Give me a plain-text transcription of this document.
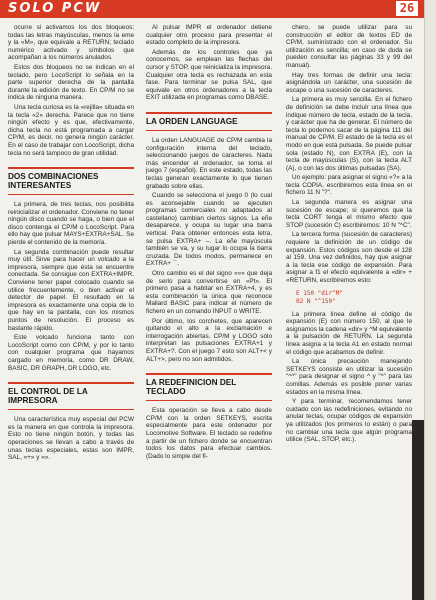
SOLO PCW	26

ocurre si activamos los dos bloqueos; todas las letras mayúsculas, menos la eme y la «M», que equivale a RETURN; teclado numérico activado y símbolos que acompañan a los números anulados.

Estos dos bloqueos no se indican en el teclado, pero LocoScript lo señala en la parte superior derecha de la pantalla durante la edición de texto. En CP/M no se indica de ninguna manera.

Una tecla curiosa es la «rejilla» situada en la tecla «2» derecha. Parece que no tiene ningún efecto y es que, efectivamente, dicha tecla no está programada a cargar CP/M, es decir, no genera ningún carácter. En el caso de trabajar con LocoScript, dicha tecla no será tampoco de gran utilidad.

DOS COMBINACIONES INTERESANTES

La primera, de tres teclas, nos posibilita reinicializar el ordenador. Conviene no tener ningún disco cuando se haga, o bien que el disco contenga el CP/M o LocoScript. Para ello hay que pulsar MAYS+EXTRA+SAL. Se pierde el contenido de la memoria.

La segunda combinación puede resultar muy útil. Sirve para hacer un volcado a la impresora, siempre que ésta se encuentre conectada. Se consigue con EXTRA+IMPR. Conviene tener papel colocado cuando se utilice frecuentemente, o bien activar el detector de papel. El resultado en la impresora es exactamente una copia de lo que hay en la pantalla, con los mismos puntos de resolución. El proceso es bastante rápido.

Este volcado funciona tanto con LocoScript como con CP/M, y por lo tanto con cualquier programa que hayamos cargado en memoria, como DR DRAW, BASIC, DR GRAPH, DR LOGO, etc.

EL CONTROL DE LA IMPRESORA

Una característica muy especial del PCW es la manera en que controla la impresora. Esto no tiene ningún botón, y todas las operaciones se llevan a cabo a través de unas teclas especiales, estas son IMPR, SAL, «+» y «».

Al pulsar IMPR el ordenador detiene cualquier otro proceso para presentar el estado completo de la impresora.

Además de los controles que ya conocemos, se emplean las flechas del cursor y STOP, que reinicializa la impresora. Cualquier otra tecla es rechazada en esta fase. Para terminar se pulsa SAL, que equivale en otros ordenadores a la tecla EXIT utilizada en programas como DBASE.

LA ORDEN LANGUAGE

La orden LANGUAGE de CP/M cambia la configuración interna del teclado, seleccionando juegos de caracteres. Nada más encender el ordenador, se toma el juego 7 (español). En este estado, todas las teclas generan exactamente lo que tienen grabado sobre ellas.

Cuando se selecciona el juego 0 (lo cual es aconsejable cuando se ejecuten programas comerciales no adaptados al castellano) cambian ciertos signos. La eñe desaparece, y ocupa su lugar una barra vertical. Para obtener entonces esta letra, se pulsa EXTRA+ –. La eñe mayúscula también se va, y su lugar lo ocupa la barra cruzada. De todos modos, permanece en EXTRA+ ´´.

Otro cambio es el del signo «»» que deja de serlo para convertirse en «Pt». El primero pasa a habitar en EXTRA+4, y es esta combinación la única que reconoce Mallard BASIC para indicar el número de fichero en un comando INPUT o WRITE.

Por último, los corchetes, que aparecen quitando el alto a la exclamación e interrogación abiertas. CP/M y LOGO sólo interpretan las pulsaciones EXTRA+1 y EXTRA+?. Con el juego 7 esto son ALT+< y ALT+>, pero no son admitidos.

LA REDEFINICION DEL TECLADO

Esta operación se lleva a cabo desde CP/M con la orden SETKEYS, escrita especialmente para este ordenador por Locomotive Software. El teclado se redefine a partir de un fichero donde se encuentran todos los datos para efectuar cambios. (Dado lo simple del fi-

chero, se puede utilizar para su construcción el editor de textos ED de CP/M, suministrado con el ordenador. Su utilización es sencilla; en caso de duda se pueden consultar las páginas 33 y 99 del manual).

Hay tres formas de definir una tecla: asignándola un carácter, una sucesión de escape o una sucesión de caracteres.

La primera es muy sencilla. En el fichero de definición se debe incluir una línea que indique número de tecla, estado de la tecla, y carácter que ha de generar. El número de tecla lo podemos sacar de la página 111 del manual de CP/M. El estado de la tecla es el modo en que está pulsada. Se puede pulsar sola (estado N), con EXTRA (E), con la tecla de mayúsculas (S), con la tecla ALT (A), o con las dos últimas pulsadas (SA).

Un ejemplo: para asignar el signo «?» a la tecla COPIA, escribiremos esta línea en el fichero 11 N "?".

La segunda manera es asignar una sucesión de escape; si queremos que la tecla CORT tenga el mismo efecto que STOP (sucesión C) escribiremos: 10 N "^C".

La tercera forma (sucesión de caracteres) requiere la definición de un código de expansión. Estos códigos son desde el 128 al 159. Una vez definidos, hay que asignar a la tecla ese código de expansión. Para asignar a f1 el efecto equivalente a «dir» + «RETURN, escribiremos esto:

E 150 "dir^M"
02 N "^150"

La primera línea define el código de expansión (E) con número 150, al que le asignamos la cadena «dir» y ^M equivalente a la pulsación de RETURN. La segunda línea asigna a la tecla A1 en estado normal el código que acabamos de definir.

La única precaución manejando SETKEYS consiste en utilizar la sucesión "^^" para designar el signo ^ y "^" para las comillas. Además es posible poner varias estados en la misma línea.

Y para terminar, recomendamos tener cuidado con las redefiniciones, evitando no anular teclas, ocupar códigos de expansión ya utilizados (los primeros lo están) o para no cambiar una tecla que algún programa utilice (SAL, STOP, etc.).
